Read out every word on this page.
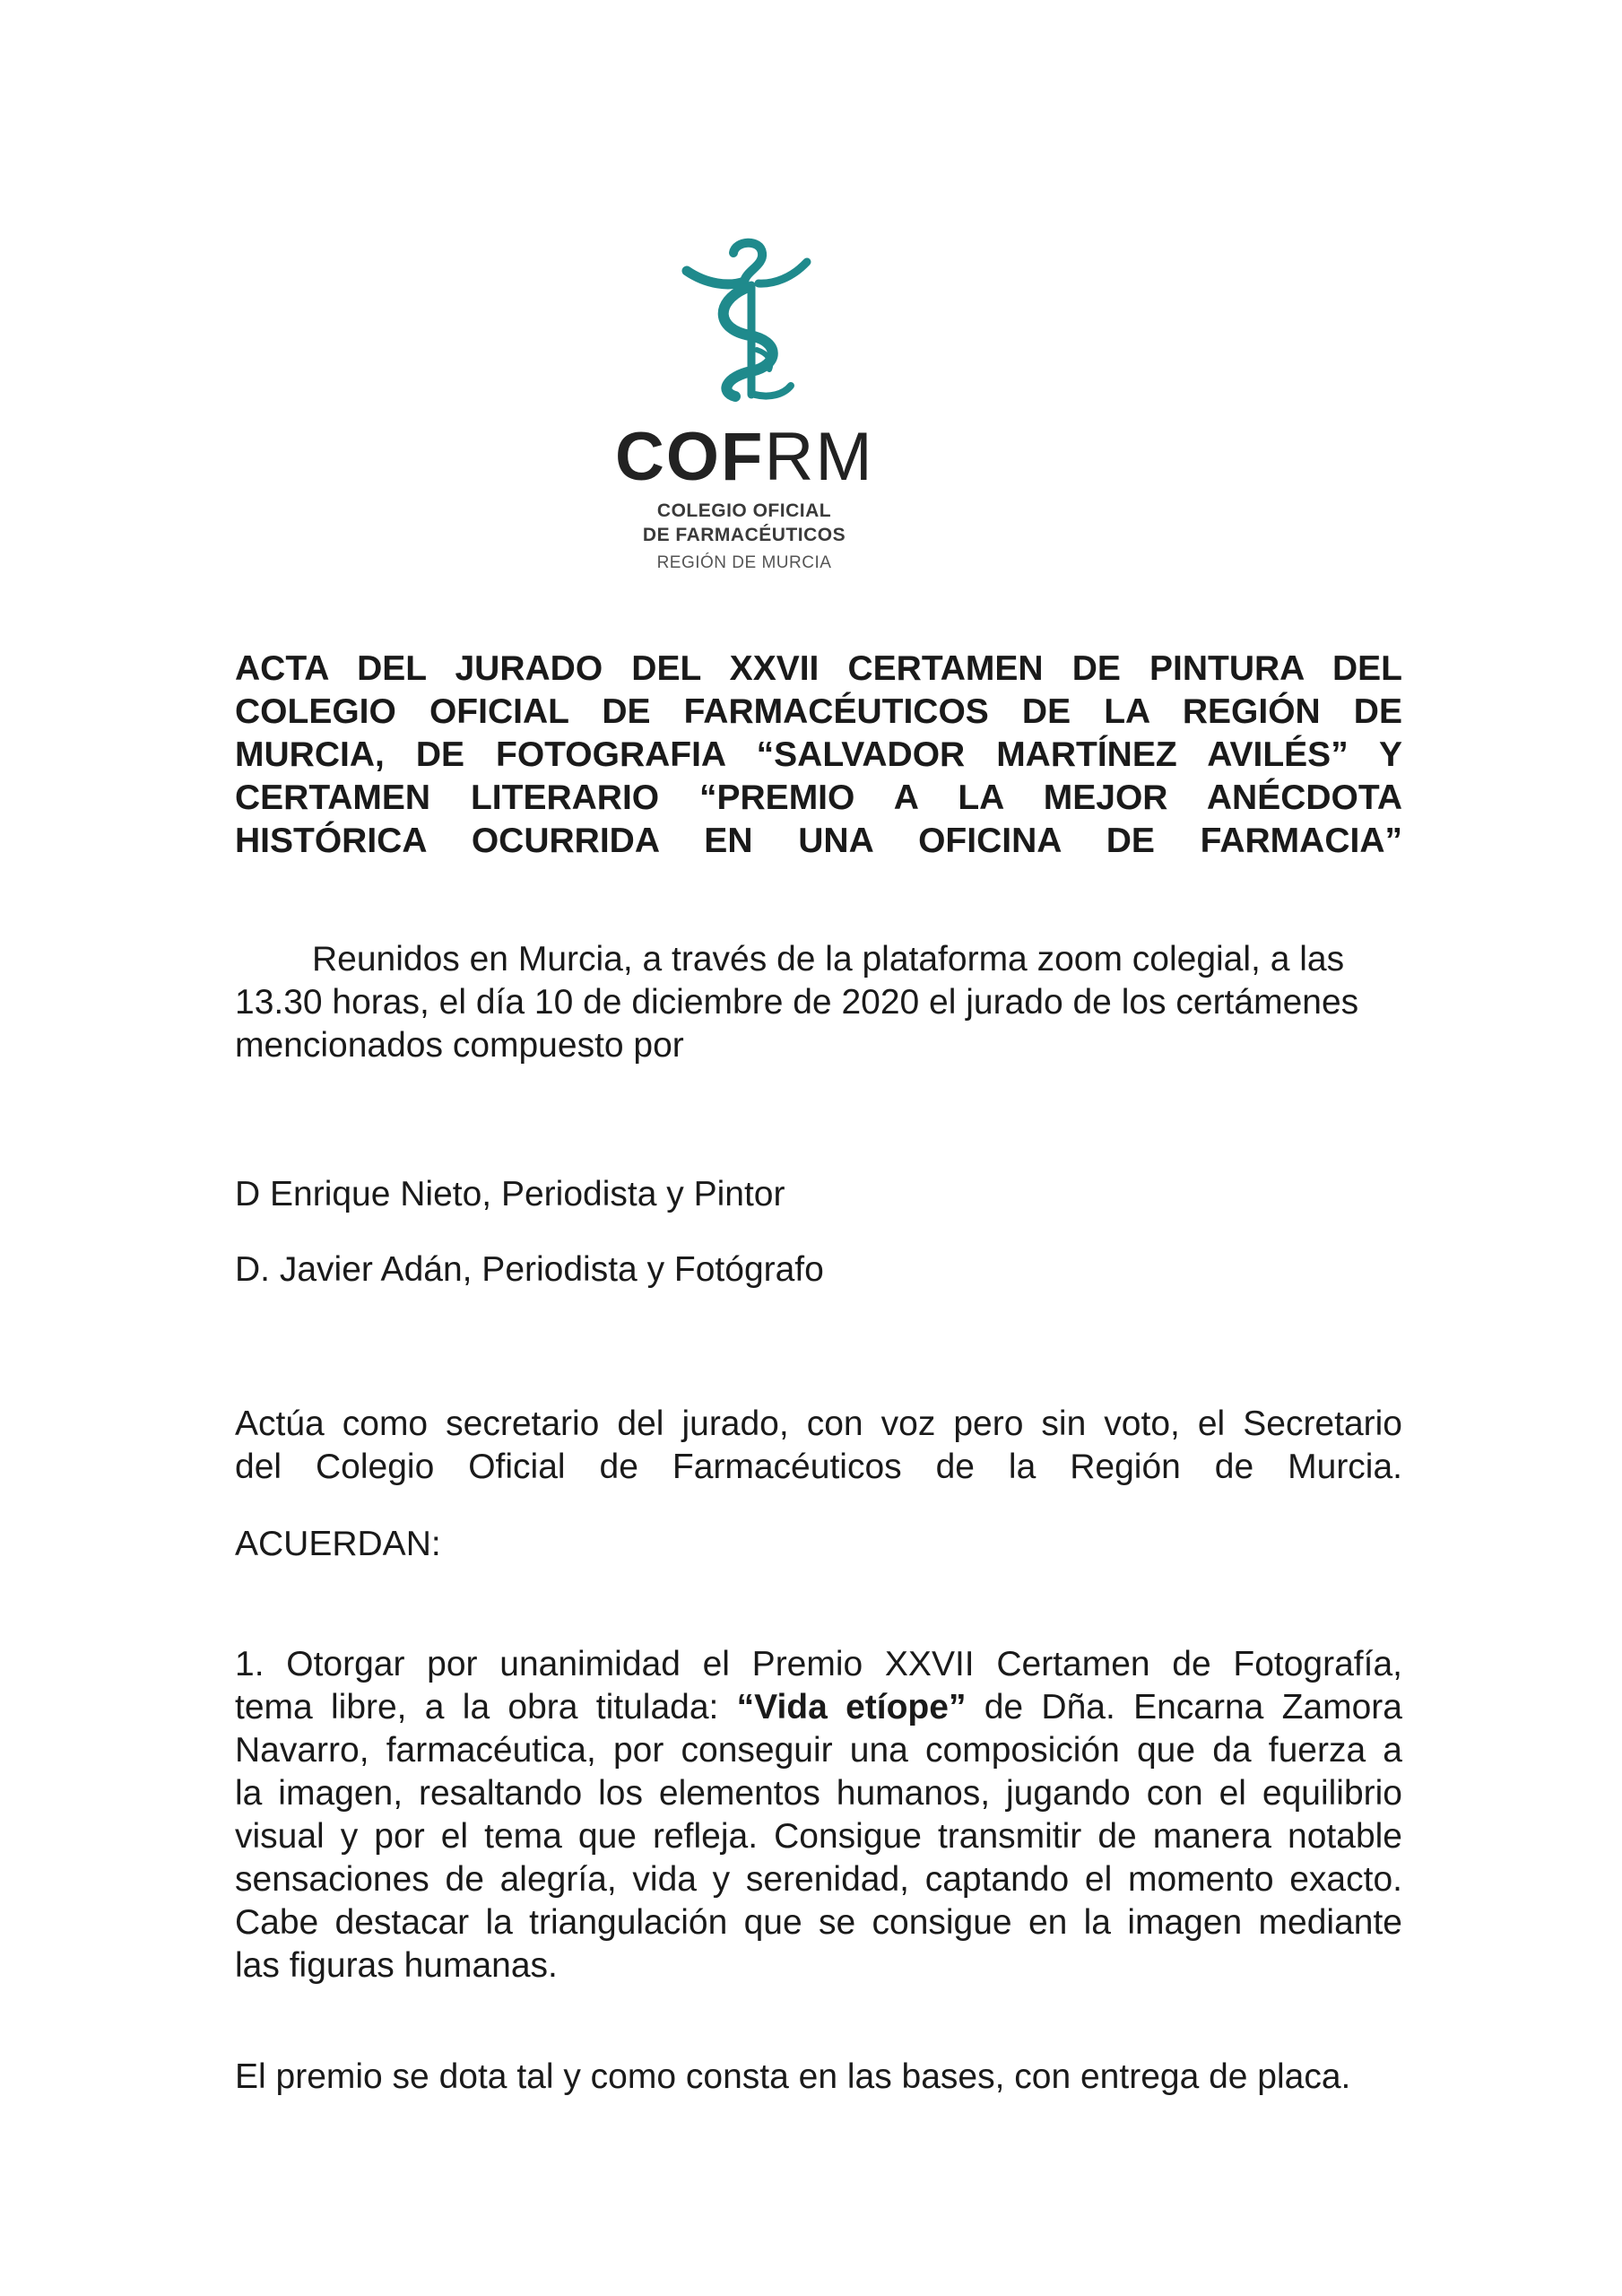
COFRM
COLEGIO OFICIAL
DE FARMACÉUTICOS
REGIÓN DE MURCIA
ACTA DEL JURADO DEL XXVII CERTAMEN DE PINTURA DEL
COLEGIO OFICIAL DE FARMACÉUTICOS DE LA REGIÓN DE
MURCIA, DE FOTOGRAFIA “SALVADOR MARTÍNEZ AVILÉS” Y
CERTAMEN LITERARIO “PREMIO A LA MEJOR ANÉCDOTA
HISTÓRICA OCURRIDA EN UNA OFICINA DE FARMACIA”

Reunidos en Murcia, a través de la plataforma zoom colegial, a las 13.30 horas, el día 10 de diciembre de 2020 el jurado de los certámenes mencionados compuesto por

D Enrique Nieto, Periodista y Pintor

D. Javier Adán, Periodista y Fotógrafo

Actúa como secretario del jurado, con voz pero sin voto, el Secretario
del Colegio Oficial de Farmacéuticos de la Región de Murcia.

ACUERDAN:

1. Otorgar por unanimidad el Premio XXVII Certamen de Fotografía,
tema libre, a la obra titulada: “Vida etíope” de Dña. Encarna Zamora
Navarro, farmacéutica, por conseguir una composición que da fuerza a
la imagen, resaltando los elementos humanos, jugando con el equilibrio
visual y por el tema que refleja. Consigue transmitir de manera notable
sensaciones de alegría, vida y serenidad, captando el momento exacto.
Cabe destacar la triangulación que se consigue en la imagen mediante
las figuras humanas.

El premio se dota tal y como consta en las bases, con entrega de placa.
